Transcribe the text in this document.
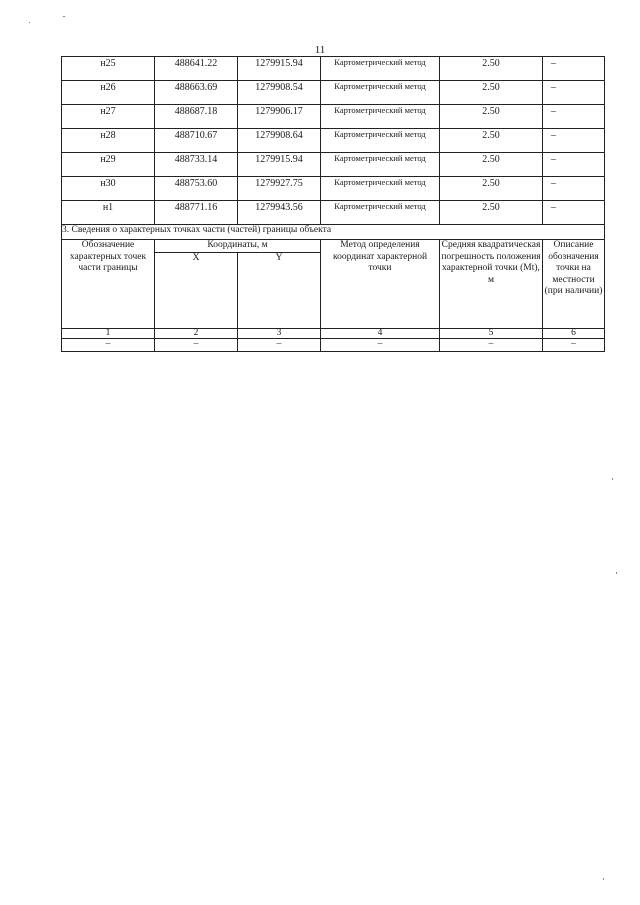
11
н25	488641.22	1279915.94	Картометрический метод	2.50	–
н26	488663.69	1279908.54	Картометрический метод	2.50	–
н27	488687.18	1279906.17	Картометрический метод	2.50	–
н28	488710.67	1279908.64	Картометрический метод	2.50	–
н29	488733.14	1279915.94	Картометрический метод	2.50	–
н30	488753.60	1279927.75	Картометрический метод	2.50	–
н1	488771.16	1279943.56	Картометрический метод	2.50	–
3. Сведения о характерных точках части (частей) границы объекта					
Обозначение характерных точек части границы	Координаты, м		Метод определения координат характерной точки	Средняя квадратическая погрешность положения характерной точки (Mt), м	Описание обозначения точки на местности (при наличии)
	X	Y			
1	2	3	4	5	6
–	–	–	–	–	–
